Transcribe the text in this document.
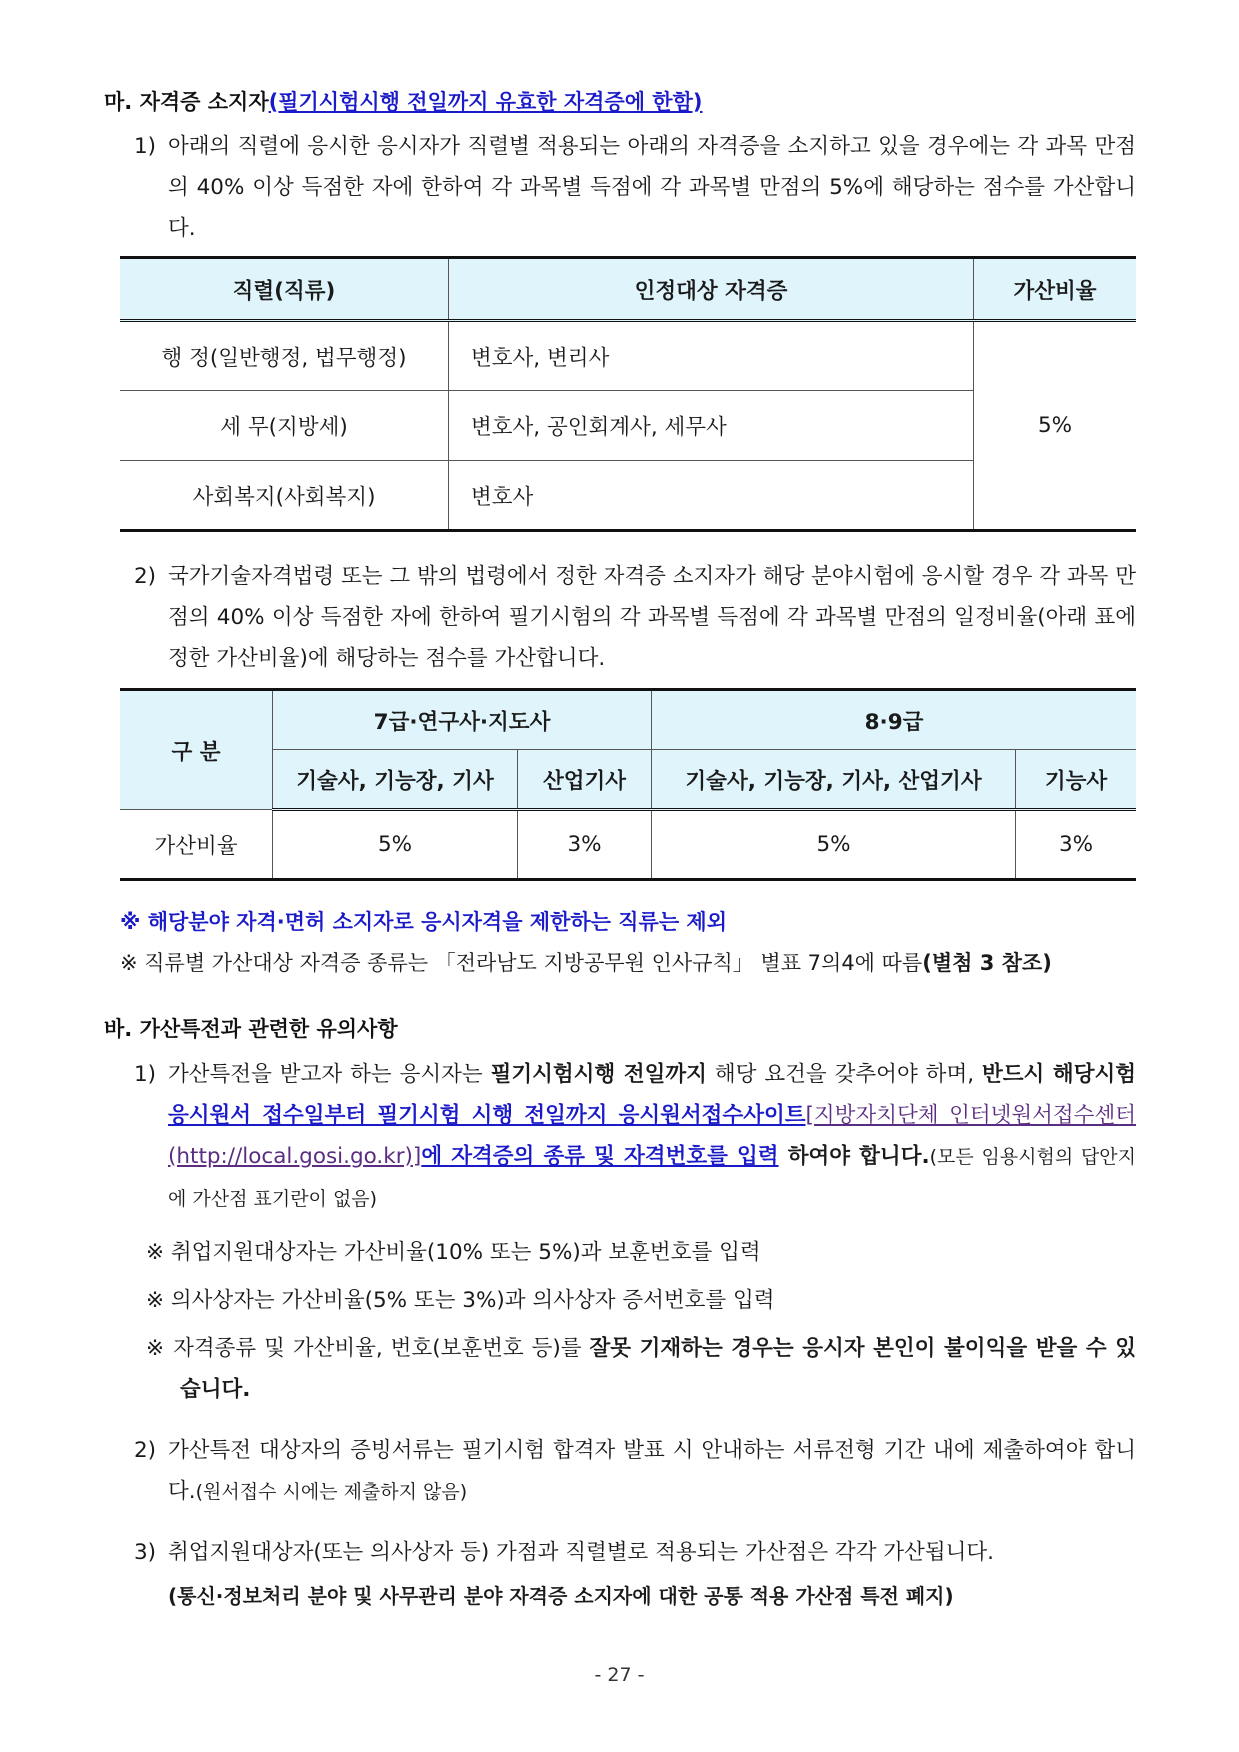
마. 자격증 소지자(필기시험시행 전일까지 유효한 자격증에 한함)
1) 아래의 직렬에 응시한 응시자가 직렬별 적용되는 아래의 자격증을 소지하고 있을 경우에는 각 과목 만점의 40% 이상 득점한 자에 한하여 각 과목별 득점에 각 과목별 만점의 5%에 해당하는 점수를 가산합니다.
직렬(직류)	인정대상 자격증	가산비율
행 정(일반행정, 법무행정)	변호사, 변리사	5%
세 무(지방세)	변호사, 공인회계사, 세무사	
사회복지(사회복지)	변호사	
2) 국가기술자격법령 또는 그 밖의 법령에서 정한 자격증 소지자가 해당 분야시험에 응시할 경우 각 과목 만점의 40% 이상 득점한 자에 한하여 필기시험의 각 과목별 득점에 각 과목별 만점의 일정비율(아래 표에 정한 가산비율)에 해당하는 점수를 가산합니다.
구 분	7급·연구사·지도사		8·9급	
	기술사, 기능장, 기사	산업기사	기술사, 기능장, 기사, 산업기사	기능사
가산비율	5%	3%	5%	3%
※ 해당분야 자격·면허 소지자로 응시자격을 제한하는 직류는 제외
※ 직류별 가산대상 자격증 종류는 「전라남도 지방공무원 인사규칙」 별표 7의4에 따름(별첨 3 참조)
바. 가산특전과 관련한 유의사항
1) 가산특전을 받고자 하는 응시자는 필기시험시행 전일까지 해당 요건을 갖추어야 하며, 반드시 해당시험 응시원서 접수일부터 필기시험 시행 전일까지 응시원서접수사이트[지방자치단체 인터넷원서접수센터(http://local.gosi.go.kr)]에 자격증의 종류 및 자격번호를 입력 하여야 합니다.(모든 임용시험의 답안지에 가산점 표기란이 없음)
※ 취업지원대상자는 가산비율(10% 또는 5%)과 보훈번호를 입력
※ 의사상자는 가산비율(5% 또는 3%)과 의사상자 증서번호를 입력
※ 자격종류 및 가산비율, 번호(보훈번호 등)를 잘못 기재하는 경우는 응시자 본인이 불이익을 받을 수 있습니다.
2) 가산특전 대상자의 증빙서류는 필기시험 합격자 발표 시 안내하는 서류전형 기간 내에 제출하여야 합니다.(원서접수 시에는 제출하지 않음)
3) 취업지원대상자(또는 의사상자 등) 가점과 직렬별로 적용되는 가산점은 각각 가산됩니다.
(통신·정보처리 분야 및 사무관리 분야 자격증 소지자에 대한 공통 적용 가산점 특전 폐지)
- 27 -
